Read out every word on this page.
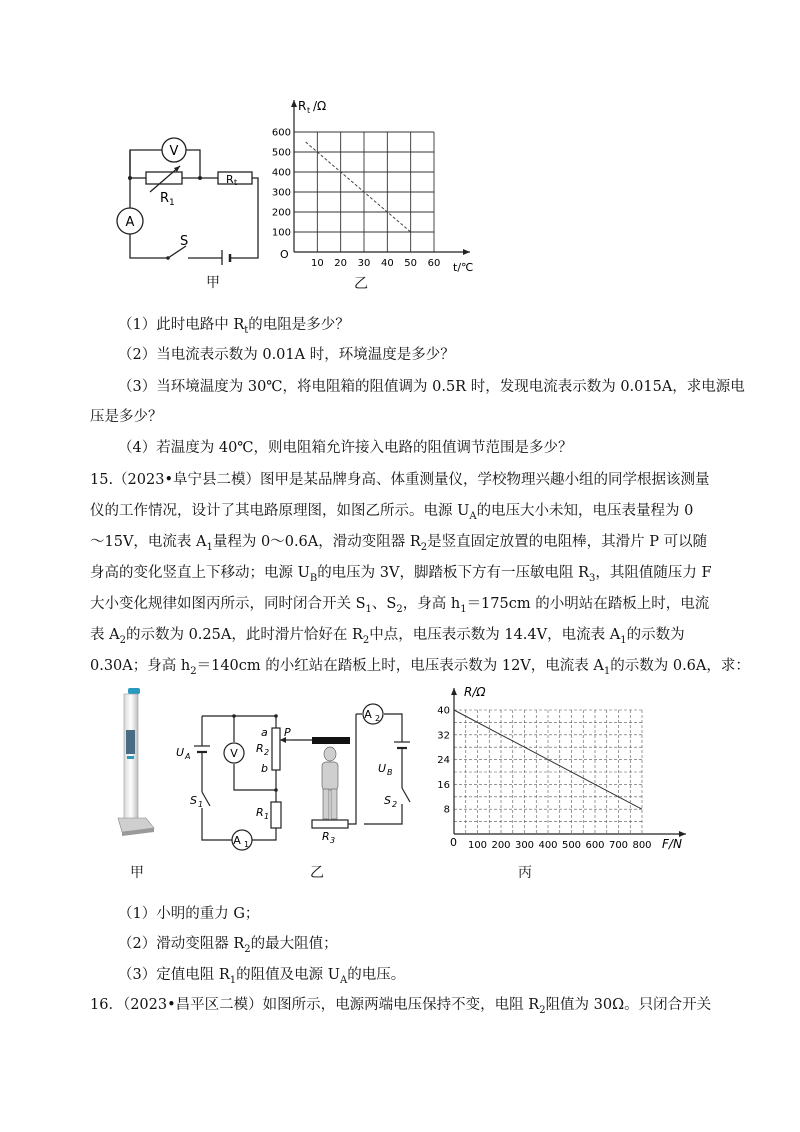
V
A
R 1
R t
S
甲
10 20 30 40 50 60
100
200
300
400
500
600
R t /Ω
t/℃
O
乙
（1）此时电路中 $R_t$的电阻是多少？
（2）当电流表示数为 0.01A 时，环境温度是多少？
（3）当环境温度为 30℃，将电阻箱的阻值调为 0.5R 时，发现电流表示数为 0.015A，求电源电
压是多少？
（4）若温度为 40℃，则电阻箱允许接入电路的阻值调节范围是多少？
15.（2023•阜宁县二模）图甲是某品牌身高、体重测量仪，学校物理兴趣小组的同学根据该测量
仪的工作情况，设计了其电路原理图，如图乙所示。电源 $U_A$的电压大小未知，电压表量程为 0
～15V，电流表 $A_1$量程为 0～0.6A，滑动变阻器 $R_2$是竖直固定放置的电阻棒，其滑片 P 可以随
身高的变化竖直上下移动；电源 $U_B$的电压为 3V，脚踏板下方有一压敏电阻 $R_3$，其阻值随压力 F
大小变化规律如图丙所示，同时闭合开关 $S_1$、$S_2$，身高 $h_1=175cm$ 的小明站在踏板上时，电流
表 $A_2$的示数为 0.25A，此时滑片恰好在 $R_2$中点，电压表示数为 14.4V，电流表 $A_1$的示数为
0.30A；身高 $h_2=140cm$ 的小红站在踏板上时，电压表示数为 12V，电流表 $A_1$的示数为 0.6A，求：
甲
V
A 1
A 2
U A
U B
S 1	S 2
R 1
R 2
R 3
a
b
P
乙
100 200 300 400 500 600 700 800
8
16
24
32
40
R/Ω
F/N
0
丙
（1）小明的重力 G；
（2）滑动变阻器 $R_2$的最大阻值；
（3）定值电阻 $R_1$的阻值及电源 $U_A$的电压。
16．（2023•昌平区二模）如图所示，电源两端电压保持不变，电阻 $R_2$阻值为 30Ω。只闭合开关
